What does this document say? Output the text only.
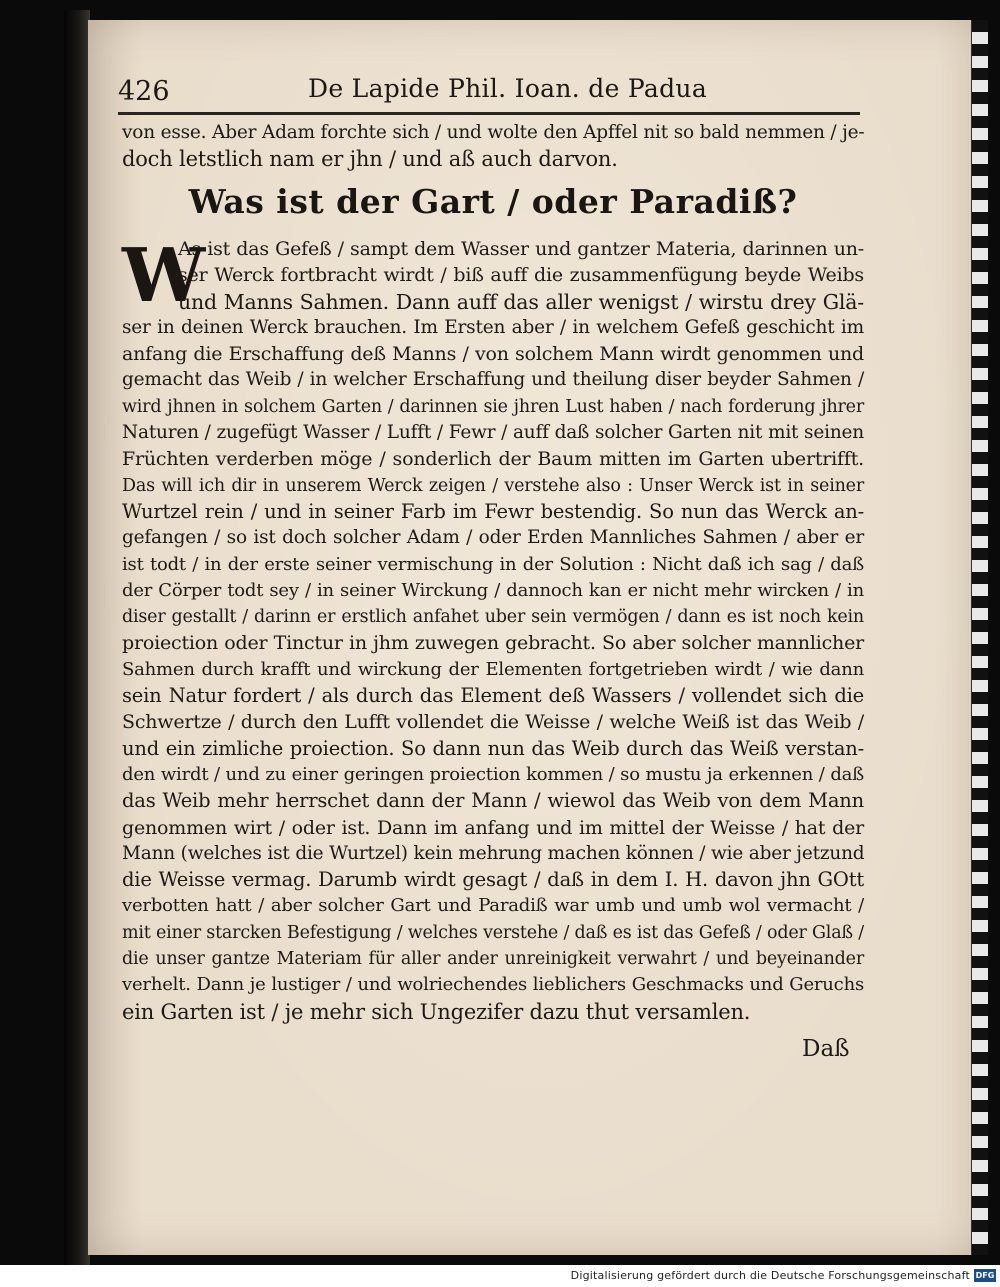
426	De Lapide Phil. Ioan. de Padua
von esse. Aber Adam forchte sich / und wolte den Apffel nit so bald nemmen / je-
doch letstlich nam er jhn / und aß auch darvon.
Was ist der Gart / oder Paradiß?
W
As ist das Gefeß / sampt dem Wasser und gantzer Materia, darinnen un-
ser Werck fortbracht wirdt / biß auff die zusammenfügung beyde Weibs
und Manns Sahmen. Dann auff das aller wenigst / wirstu drey Glä-
ser in deinen Werck brauchen. Im Ersten aber / in welchem Gefeß geschicht im
anfang die Erschaffung deß Manns / von solchem Mann wirdt genommen und
gemacht das Weib / in welcher Erschaffung und theilung diser beyder Sahmen /
wird jhnen in solchem Garten / darinnen sie jhren Lust haben / nach forderung jhrer
Naturen / zugefügt Wasser / Lufft / Fewr / auff daß solcher Garten nit mit seinen
Früchten verderben möge / sonderlich der Baum mitten im Garten ubertrifft.
Das will ich dir in unserem Werck zeigen / verstehe also : Unser Werck ist in seiner
Wurtzel rein / und in seiner Farb im Fewr bestendig. So nun das Werck an-
gefangen / so ist doch solcher Adam / oder Erden Mannliches Sahmen / aber er
ist todt / in der erste seiner vermischung in der Solution : Nicht daß ich sag / daß
der Cörper todt sey / in seiner Wirckung / dannoch kan er nicht mehr wircken / in
diser gestallt / darinn er erstlich anfahet uber sein vermögen / dann es ist noch kein
proiection oder Tinctur in jhm zuwegen gebracht. So aber solcher mannlicher
Sahmen durch krafft und wirckung der Elementen fortgetrieben wirdt / wie dann
sein Natur fordert / als durch das Element deß Wassers / vollendet sich die
Schwertze / durch den Lufft vollendet die Weisse / welche Weiß ist das Weib /
und ein zimliche proiection. So dann nun das Weib durch das Weiß verstan-
den wirdt / und zu einer geringen proiection kommen / so mustu ja erkennen / daß
das Weib mehr herrschet dann der Mann / wiewol das Weib von dem Mann
genommen wirt / oder ist. Dann im anfang und im mittel der Weisse / hat der
Mann (welches ist die Wurtzel) kein mehrung machen können / wie aber jetzund
die Weisse vermag. Darumb wirdt gesagt / daß in dem I. H. davon jhn GOtt
verbotten hatt / aber solcher Gart und Paradiß war umb und umb wol vermacht /
mit einer starcken Befestigung / welches verstehe / daß es ist das Gefeß / oder Glaß /
die unser gantze Materiam für aller ander unreinigkeit verwahrt / und beyeinander
verhelt. Dann je lustiger / und wolriechendes lieblichers Geschmacks und Geruchs
ein Garten ist / je mehr sich Ungezifer dazu thut versamlen.
Daß
Digitalisierung gefördert durch die Deutsche Forschungsgemeinschaft DFG
